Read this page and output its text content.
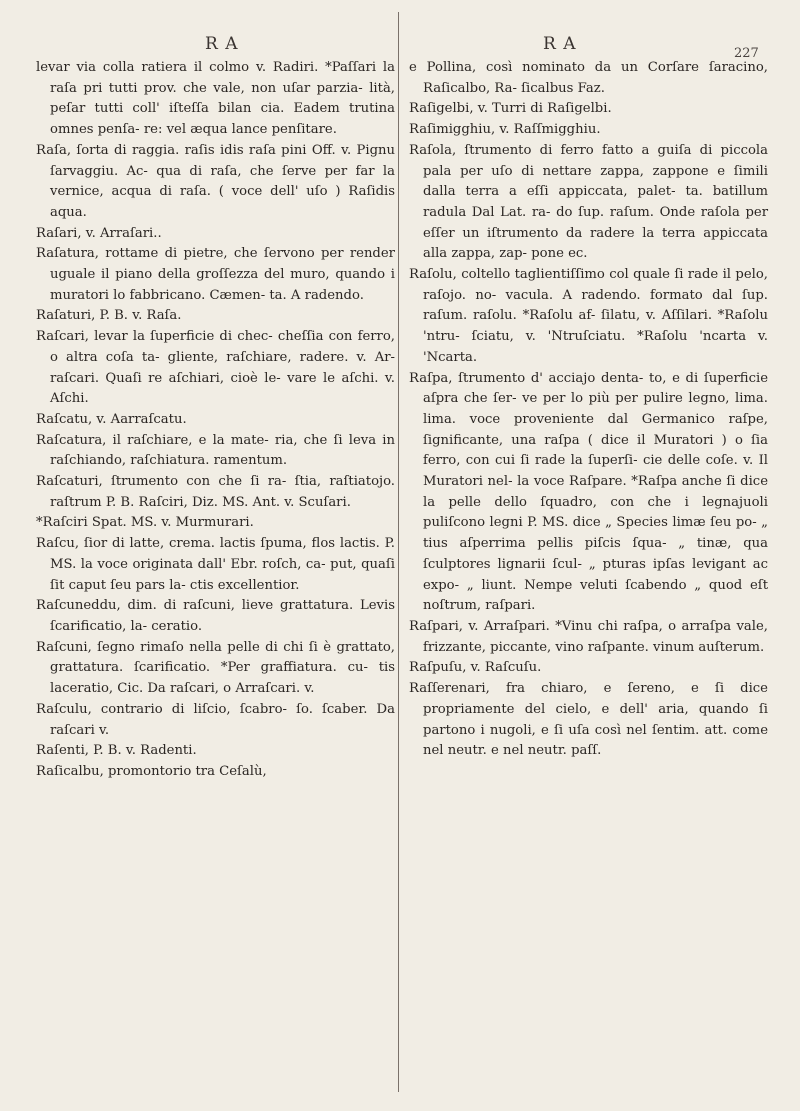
R A	R A	227

levar via colla ratiera il colmo v. Radiri. *Paſſari la raſa pri tutti prov. che vale, non uſar parzia- lità, peſar tutti coll' iſteſſa bilan cia. Eadem trutina omnes penſa- re: vel æqua lance penſitare.

Raſa, ſorta di raggia. raſis idis raſa pini Off. v. Pignu ſarvaggiu. Ac- qua di raſa, che ſerve per far la vernice, acqua di raſa. ( voce dell' uſo ) Raſidis aqua.

Raſari, v. Arraſari..

Raſatura, rottame di pietre, che ſervono per render uguale il piano della groſſezza del muro, quando i muratori lo fabbricano. Cæmen- ta. A radendo.

Raſaturi, P. B. v. Raſa.

Raſcari, levar la ſuperficie di chec- cheſſia con ferro, o altra coſa ta- gliente, raſchiare, radere. v. Ar- raſcari. Quaſi re aſchiari, cioè le- vare le aſchi. v. Aſchi.

Raſcatu, v. Aarraſcatu.

Raſcatura, il raſchiare, e la mate- ria, che ſi leva in raſchiando, raſchiatura. ramentum.

Raſcaturi, ſtrumento con che ſi ra- ſtia, raſtiatojo. raſtrum P. B. Raſciri, Diz. MS. Ant. v. Scuſari.

*Raſciri Spat. MS. v. Murmurari.

Raſcu, ſior di latte, crema. lactis ſpuma, flos lactis. P. MS. la voce originata dall' Ebr. roſch, ca- put, quaſi ſit caput ſeu pars la- ctis excellentior.

Raſcuneddu, dim. di raſcuni, lieve grattatura. Levis ſcarificatio, la- ceratio.

Raſcuni, ſegno rimaſo nella pelle di chi ſi è grattato, grattatura. ſcarificatio. *Per graffiatura. cu- tis laceratio, Cic. Da raſcari, o Arraſcari. v.

Raſculu, contrario di liſcio, ſcabro- ſo. ſcaber. Da raſcari v.

Raſenti, P. B. v. Radenti.

Raſicalbu, promontorio tra Ceſalù,

e Pollina, così nominato da un Corſare ſaracino, Raſicalbo, Ra- ſicalbus Faz.

Raſigelbi, v. Turri di Raſigelbi.

Raſimigghiu, v. Raſſmigghiu.

Raſola, ſtrumento di ferro fatto a guiſa di piccola pala per uſo di nettare zappa, zappone e ſimili dalla terra a eſſi appiccata, palet- ta. batillum radula Dal Lat. ra- do ſup. raſum. Onde raſola per eſſer un iſtrumento da radere la terra appiccata alla zappa, zap- pone ec.

Raſolu, coltello taglientiſſimo col quale ſi rade il pelo, raſojo. no- vacula. A radendo. formato dal ſup. raſum. raſolu. *Raſolu af- ſilatu, v. Aſſilari. *Raſolu 'ntru- ſciatu, v. 'Ntruſciatu. *Raſolu 'ncarta v. 'Ncarta.

Raſpa, ſtrumento d' acciajo denta- to, e di ſuperficie aſpra che ſer- ve per lo più per pulire legno, lima. lima. voce proveniente dal Germanico raſpe, ſignificante, una raſpa ( dice il Muratori ) o ſia ferro, con cui ſi rade la ſuperſi- cie delle coſe. v. Il Muratori nel- la voce Raſpare. *Raſpa anche ſi dice la pelle dello ſquadro, con che i legnajuoli puliſcono legni P. MS. dice „ Species limæ ſeu po- „ tius aſperrima pellis piſcis ſqua- „ tinæ, qua ſculptores lignarii ſcul- „ pturas ipſas levigant ac expo- „ liunt. Nempe veluti ſcabendo „ quod eſt noſtrum, raſpari.

Raſpari, v. Arraſpari. *Vinu chi raſpa, o arraſpa vale, frizzante, piccante, vino raſpante. vinum auſterum.

Raſpuſu, v. Raſcuſu.

Raſſerenari, fra chiaro, e ſereno, e ſi dice propriamente del cielo, e dell' aria, quando ſi partono i nugoli, e ſi uſa così nel ſentim. att. come nel neutr. e nel neutr. paſſ.
